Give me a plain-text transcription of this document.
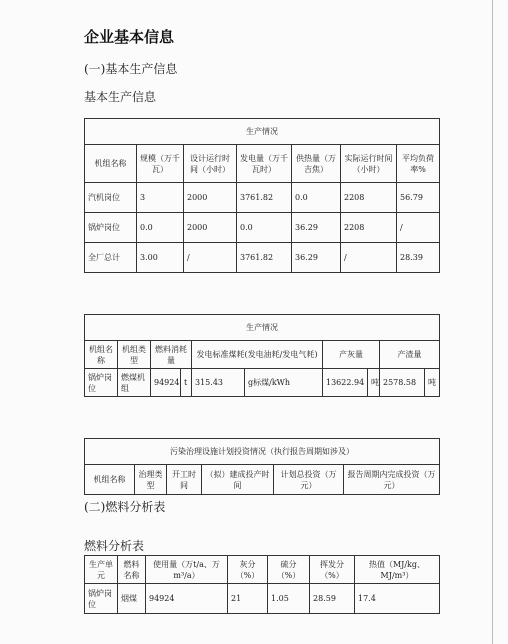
企业基本信息
(一)基本生产信息
基本生产信息
生产情况						
机组名称	规模（万千瓦）	设计运行时间（小时）	发电量（万千瓦时）	供热量（万吉焦）	实际运行时间（小时）	平均负荷率%
汽机岗位	3	2000	3761.82	0.0	2208	56.79
锅炉岗位	0.0	2000	0.0	36.29	2208	/
全厂总计	3.00	/	3761.82	36.29	/	28.39
生产情况									
机组名称	机组类型	燃料消耗量		发电标准煤耗(发电油耗/发电气耗)		产灰量		产渣量	
锅炉岗位	燃煤机组	94924	t	315.43	g标煤/kWh	13622.94	吨	2578.58	吨
污染治理设施计划投资情况（执行报告周期如涉及）
机组名称	治理类型	开工时间	（拟）建成投产时间	计划总投资（万元）	报告周期内完成投资（万元）
(二)燃料分析表
燃料分析表
生产单元	燃料名称	使用量（万t/a、万m³/a）	灰分（%）	硫分（%）	挥发分（%）	热值（MJ/kg、MJ/m³）
锅炉岗位	烟煤	94924	21	1.05	28.59	17.4
